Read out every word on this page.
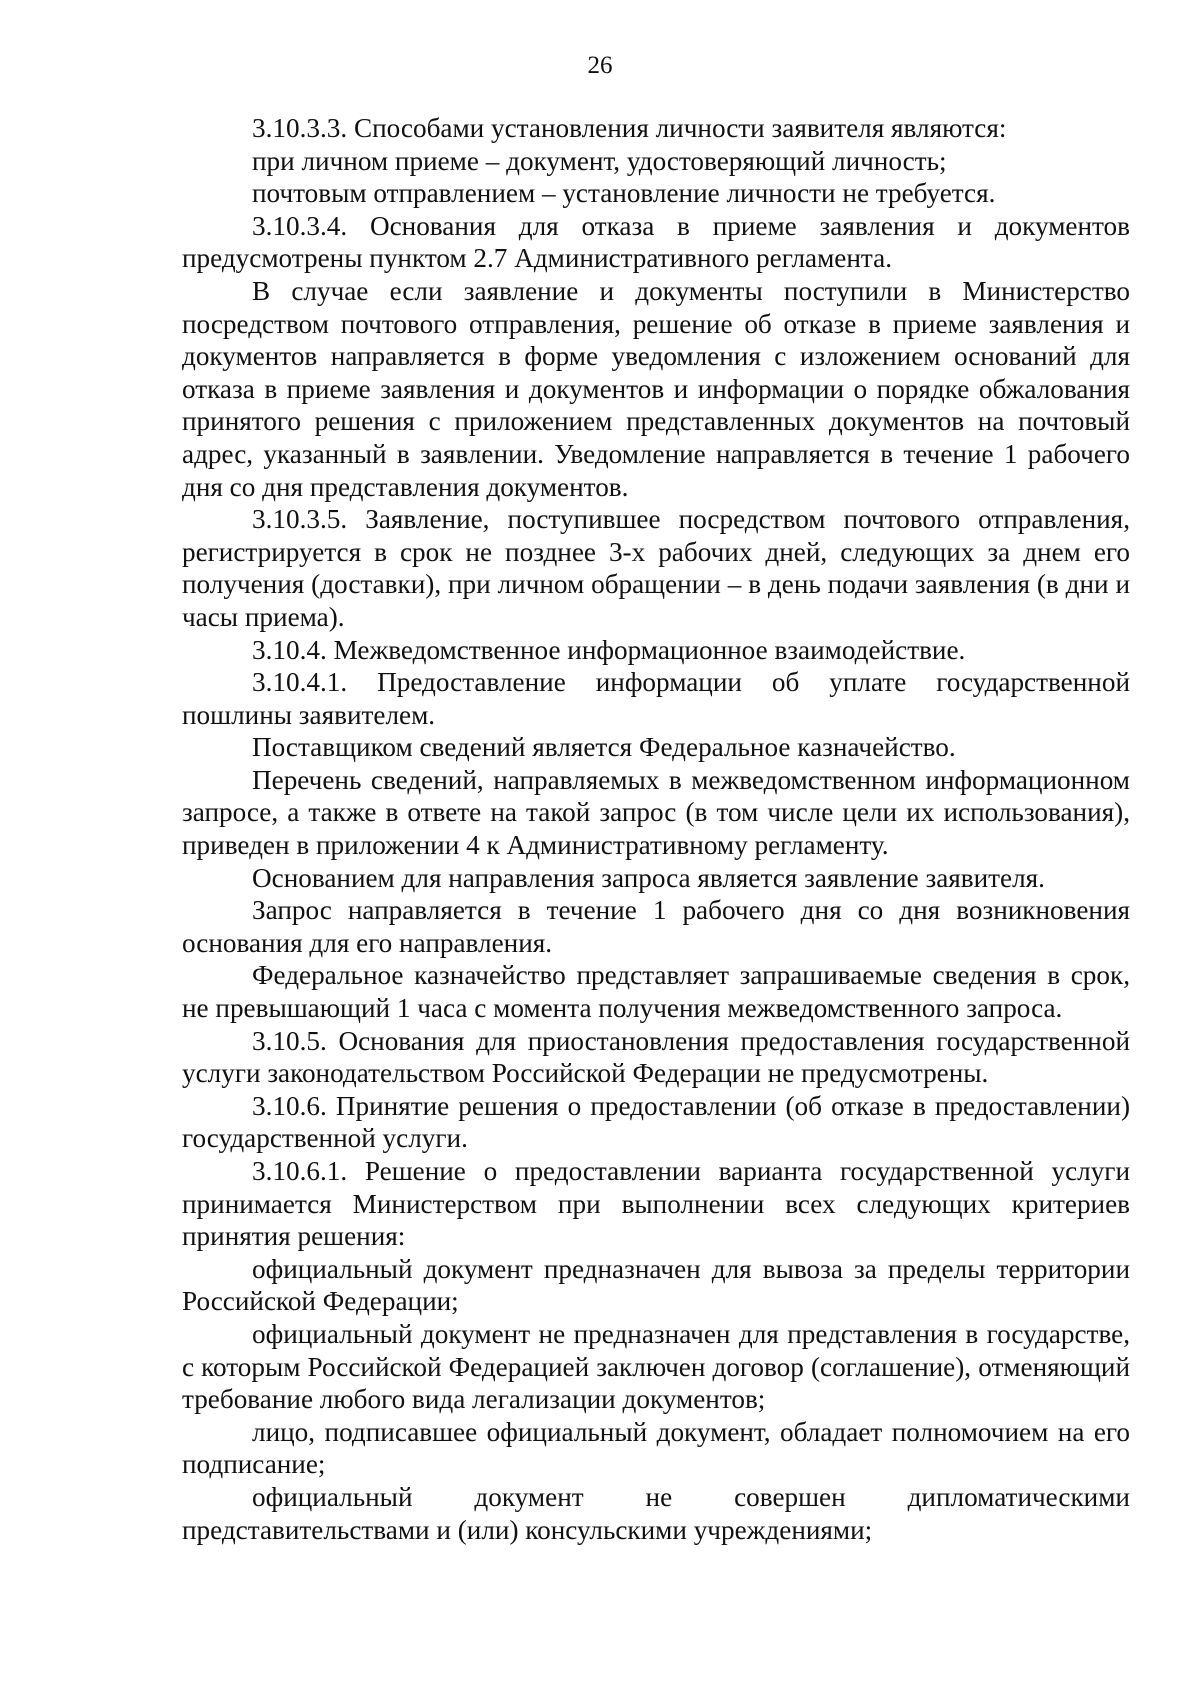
26

3.10.3.3. Способами установления личности заявителя являются:

при личном приеме – документ, удостоверяющий личность;

почтовым отправлением – установление личности не требуется.

3.10.3.4. Основания для отказа в приеме заявления и документов предусмотрены пунктом 2.7 Административного регламента.

В случае если заявление и документы поступили в Министерство посредством почтового отправления, решение об отказе в приеме заявления и документов направляется в форме уведомления с изложением оснований для отказа в приеме заявления и документов и информации о порядке обжалования принятого решения с приложением представленных документов на почтовый адрес, указанный в заявлении. Уведомление направляется в течение 1 рабочего дня со дня представления документов.

3.10.3.5. Заявление, поступившее посредством почтового отправления, регистрируется в срок не позднее 3-х рабочих дней, следующих за днем его получения (доставки), при личном обращении – в день подачи заявления (в дни и часы приема).

3.10.4. Межведомственное информационное взаимодействие.

3.10.4.1. Предоставление информации об уплате государственной пошлины заявителем.

Поставщиком сведений является Федеральное казначейство.

Перечень сведений, направляемых в межведомственном информационном запросе, а также в ответе на такой запрос (в том числе цели их использования), приведен в приложении 4 к Административному регламенту.

Основанием для направления запроса является заявление заявителя.

Запрос направляется в течение 1 рабочего дня со дня возникновения основания для его направления.

Федеральное казначейство представляет запрашиваемые сведения в срок, не превышающий 1 часа с момента получения межведомственного запроса.

3.10.5. Основания для приостановления предоставления государственной услуги законодательством Российской Федерации не предусмотрены.

3.10.6. Принятие решения о предоставлении (об отказе в предоставлении) государственной услуги.

3.10.6.1. Решение о предоставлении варианта государственной услуги принимается Министерством при выполнении всех следующих критериев принятия решения:

официальный документ предназначен для вывоза за пределы территории Российской Федерации;

официальный документ не предназначен для представления в государстве, с которым Российской Федерацией заключен договор (соглашение), отменяющий требование любого вида легализации документов;

лицо, подписавшее официальный документ, обладает полномочием на его подписание;

официальный документ не совершен дипломатическими представительствами и (или) консульскими учреждениями;
